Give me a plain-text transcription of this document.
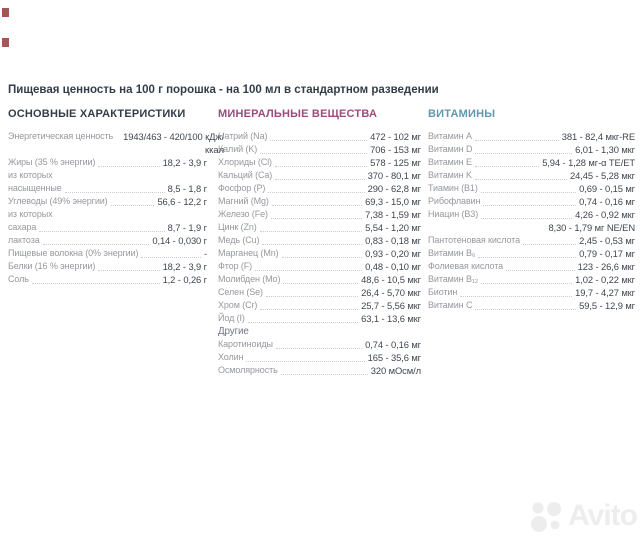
Пищевая ценность на 100 г порошка - на 100 мл в стандартном разведении
ОСНОВНЫЕ ХАРАКТЕРИСТИКИ
Энергетическая ценность 1943/463 - 420/100 кДж/
ккал
Жиры (35 % энергии)	18,2 - 3,9 г
из которых
насыщенные	8,5 - 1,8 г
Углеводы (49% энергии)	56,6 - 12,2 г
из которых
сахара	8,7 - 1,9 г
лактоза	0,14 - 0,030 г
Пищевые волокна (0% энергии)	-
Белки (16 % энергии)	18,2 - 3,9 г
Соль	1,2 - 0,26 г
МИНЕРАЛЬНЫЕ ВЕЩЕСТВА
Натрий (Na)	472 - 102 мг
Калий (K)	706 - 153 мг
Хлориды (Cl)	578 - 125 мг
Кальций (Ca)	370 - 80,1 мг
Фосфор (P)	290 - 62,8 мг
Магний (Mg)	69,3 - 15,0 мг
Железо (Fe)	7,38 - 1,59 мг
Цинк (Zn)	5,54 - 1,20 мг
Медь (Cu)	0,83 - 0,18 мг
Марганец (Mn)	0,93 - 0,20 мг
Фтор (F)	0,48 - 0,10 мг
Молибден (Mo)	48,6 - 10,5 мкг
Селен (Se)	26,4 - 5,70 мкг
Хром (Cr)	25,7 - 5,56 мкг
Йод (I)	63,1 - 13,6 мкг
Другие
Каротиноиды	0,74 - 0,16 мг
Холин	165 - 35,6 мг
Осмолярность	320 мОсм/л
ВИТАМИНЫ
Витамин A	381 - 82,4 мкг-RE
Витамин D	6,01 - 1,30 мкг
Витамин E	5,94 - 1,28 мг-α TE/ET
Витамин K	24,45 - 5,28 мкг
Тиамин (B1)	0,69 - 0,15 мг
Рибофлавин	0,74 - 0,16 мг
Ниацин (B3)	4,26 - 0,92 мкг
8,30 - 1,79 мг NE/EN
Пантотеновая кислота	2,45 - 0,53 мг
Витамин B₆	0,79 - 0,17 мг
Фолиевая кислота	123 - 26,6 мкг
Витамин B₁₂	1,02 - 0,22 мкг
Биотин	19,7 - 4,27 мкг
Витамин C	59,5 - 12,9 мг
Avito
